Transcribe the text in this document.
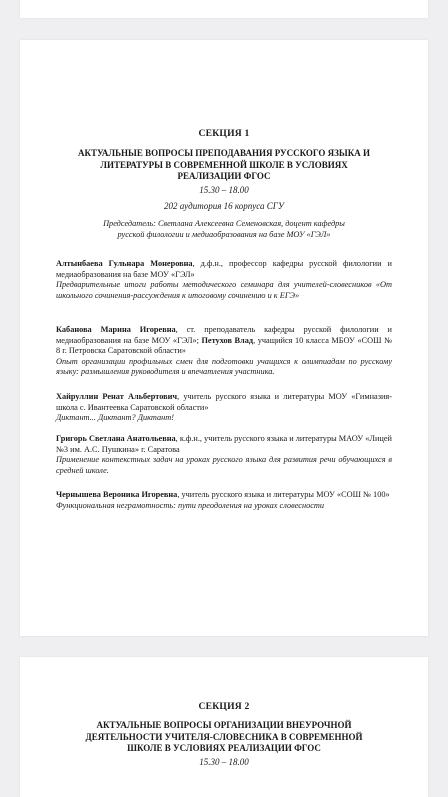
СЕКЦИЯ 1
АКТУАЛЬНЫЕ ВОПРОСЫ ПРЕПОДАВАНИЯ РУССКОГО ЯЗЫКА И
ЛИТЕРАТУРЫ В СОВРЕМЕННОЙ ШКОЛЕ В УСЛОВИЯХ
РЕАЛИЗАЦИИ ФГОС
15.30 – 18.00
202 аудитория 16 корпуса СГУ
Председатель: Светлана Алексеевна Семеновская, доцент кафедры
русской филологии и медиаобразования на базе МОУ «ГЭЛ»
Алтынбаева Гульнара Монеровна, д.ф.н., профессор кафедры русской филологии и медиаобразования на базе МОУ «ГЭЛ»
Предварительные итоги работы методического семинара для учителей-словесников «От школьного сочинения-рассуждения к итоговому сочинению и к ЕГЭ»
Кабанова Марина Игоревна, ст. преподаватель кафедры русской филологии и медиаобразования на базе МОУ «ГЭЛ»; Петухов Влад, учащийся 10 класса МБОУ «СОШ № 8 г. Петровска Саратовской области»
Опыт организации профильных смен для подготовки учащихся к олимпиадам по русскому языку: размышления руководителя и впечатления участника.
Хайруллин Ренат Альбертович, учитель русского языка и литературы МОУ «Гимназия-школа с. Ивантеевка Саратовской области»
Диктант... Диктант? Диктант!
Григорь Светлана Анатольевна, к.ф.н., учитель русского языка и литературы МАОУ «Лицей №3 им. А.С. Пушкина» г. Саратова
Применение контекстных задач на уроках русского языка для развития речи обучающихся в средней школе.
Чернышева Вероника Игоревна, учитель русского языка и литературы МОУ «СОШ № 100»
Функциональная неграмотность: пути преодоления на уроках словесности
СЕКЦИЯ 2
АКТУАЛЬНЫЕ ВОПРОСЫ ОРГАНИЗАЦИИ ВНЕУРОЧНОЙ
ДЕЯТЕЛЬНОСТИ УЧИТЕЛЯ-СЛОВЕСНИКА В СОВРЕМЕННОЙ
ШКОЛЕ В УСЛОВИЯХ РЕАЛИЗАЦИИ ФГОС
15.30 – 18.00
